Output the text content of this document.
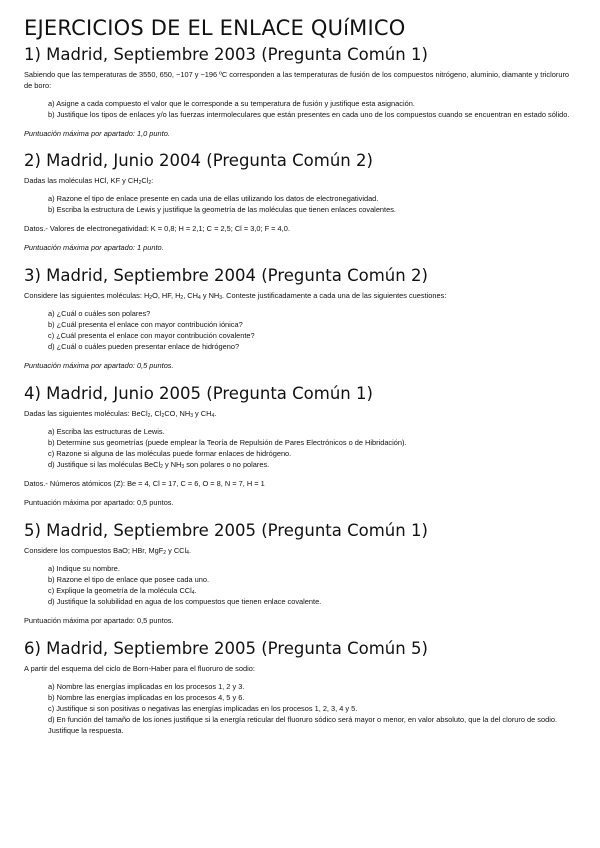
EJERCICIOS DE EL ENLACE QUíMICO
1) Madrid, Septiembre 2003 (Pregunta Común 1)

Sabiendo que las temperaturas de 3550, 650, −107 y −196 ºC corresponden a las temperaturas de fusión de los compuestos nitrógeno, aluminio, diamante y tricloruro de boro:

a) Asigne a cada compuesto el valor que le corresponde a su temperatura de fusión y justifique esta asignación.
b) Justifique los tipos de enlaces y/o las fuerzas intermoleculares que están presentes en cada uno de los compuestos cuando se encuentran en estado sólido.

Puntuación máxima por apartado: 1,0 punto.

2) Madrid, Junio 2004 (Pregunta Común 2)

Dadas las moléculas HCl, KF y $CH_2Cl_2$:

a) Razone el tipo de enlace presente en cada una de ellas utilizando los datos de electronegatividad.
b) Escriba la estructura de Lewis y justifique la geometría de las moléculas que tienen enlaces covalentes.

Datos.- Valores de electronegatividad: K = 0,8; H = 2,1; C = 2,5; Cl = 3,0; F = 4,0.

Puntuación máxima por apartado: 1 punto.

3) Madrid, Septiembre 2004 (Pregunta Común 2)

Considere las siguientes moléculas: $H_2O$, HF, $H_2$, $CH_4$ y $NH_3$. Conteste justificadamente a cada una de las siguientes cuestiones:

a) ¿Cuál o cuáles son polares?
b) ¿Cuál presenta el enlace con mayor contribución iónica?
c) ¿Cuál presenta el enlace con mayor contribución covalente?
d) ¿Cuál o cuáles pueden presentar enlace de hidrógeno?

Puntuación máxima por apartado: 0,5 puntos.

4) Madrid, Junio 2005 (Pregunta Común 1)

Dadas las siguientes moléculas: BeCl$_2$, $Cl_2CO$, $NH_3$ y $CH_4$.

a) Escriba las estructuras de Lewis.
b) Determine sus geometrías (puede emplear la Teoría de Repulsión de Pares Electrónicos o de Hibridación).
c) Razone si alguna de las moléculas puede formar enlaces de hidrógeno.
d) Justifique si las moléculas BeCl$_2$ y $NH_3$ son polares o no polares.

Datos.- Números atómicos (Z): Be = 4, Cl = 17, C = 6, O = 8, N = 7, H = 1

Puntuación máxima por apartado: 0,5 puntos.

5) Madrid, Septiembre 2005 (Pregunta Común 1)

Considere los compuestos BaO; HBr, MgF$_2$ y CCl$_4$.

a) Indique su nombre.
b) Razone el tipo de enlace que posee cada uno.
c) Explique la geometría de la molécula CCl$_4$.
d) Justifique la solubilidad en agua de los compuestos que tienen enlace covalente.

Puntuación máxima por apartado: 0,5 puntos.

6) Madrid, Septiembre 2005 (Pregunta Común 5)

A partir del esquema del ciclo de Born-Haber para el fluoruro de sodio:

a) Nombre las energías implicadas en los procesos 1, 2 y 3.
b) Nombre las energías implicadas en los procesos 4, 5 y 6.
c) Justifique si son positivas o negativas las energías implicadas en los procesos 1, 2, 3, 4 y 5.
d) En función del tamaño de los iones justifique si la energía reticular del fluoruro sódico será mayor o menor, en valor absoluto, que la del cloruro de sodio. Justifique la respuesta.
